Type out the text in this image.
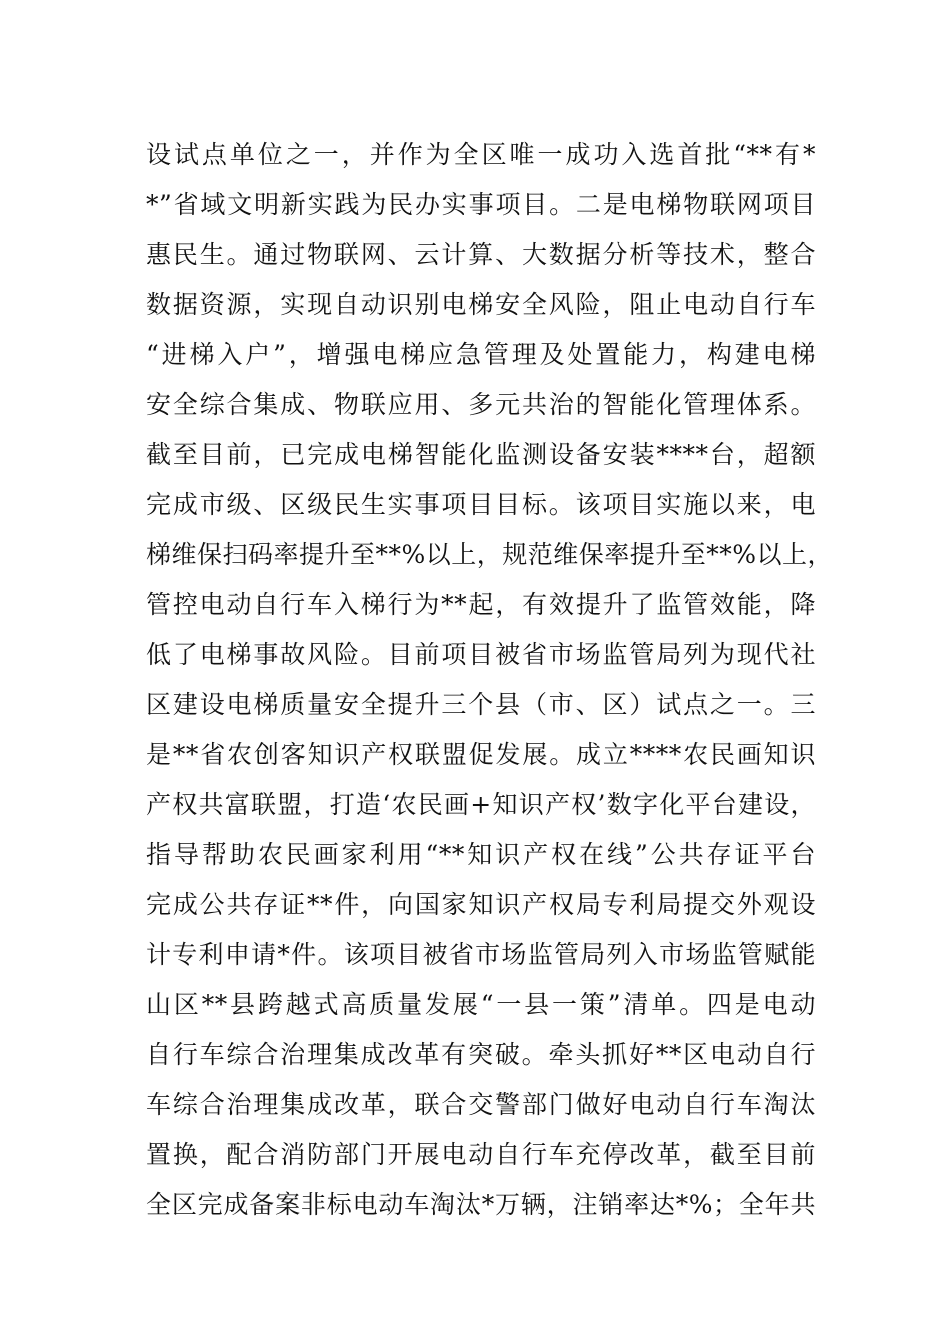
设试点单位之一，并作为全区唯一成功入选首批“**有*
*”省域文明新实践为民办实事项目。二是电梯物联网项目
惠民生。通过物联网、云计算、大数据分析等技术，整合
数据资源，实现自动识别电梯安全风险，阻止电动自行车
“进梯入户”，增强电梯应急管理及处置能力，构建电梯
安全综合集成、物联应用、多元共治的智能化管理体系。
截至目前，已完成电梯智能化监测设备安装****台，超额
完成市级、区级民生实事项目目标。该项目实施以来，电
梯维保扫码率提升至**%以上，规范维保率提升至**%以上，
管控电动自行车入梯行为**起，有效提升了监管效能，降
低了电梯事故风险。目前项目被省市场监管局列为现代社
区建设电梯质量安全提升三个县（市、区）试点之一。三
是**省农创客知识产权联盟促发展。成立****农民画知识
产权共富联盟，打造‘农民画+知识产权’数字化平台建设，
指导帮助农民画家利用“**知识产权在线”公共存证平台
完成公共存证**件，向国家知识产权局专利局提交外观设
计专利申请*件。该项目被省市场监管局列入市场监管赋能
山区**县跨越式高质量发展“一县一策”清单。四是电动
自行车综合治理集成改革有突破。牵头抓好**区电动自行
车综合治理集成改革，联合交警部门做好电动自行车淘汰
置换，配合消防部门开展电动自行车充停改革，截至目前
全区完成备案非标电动车淘汰*万辆，注销率达*%；全年共
